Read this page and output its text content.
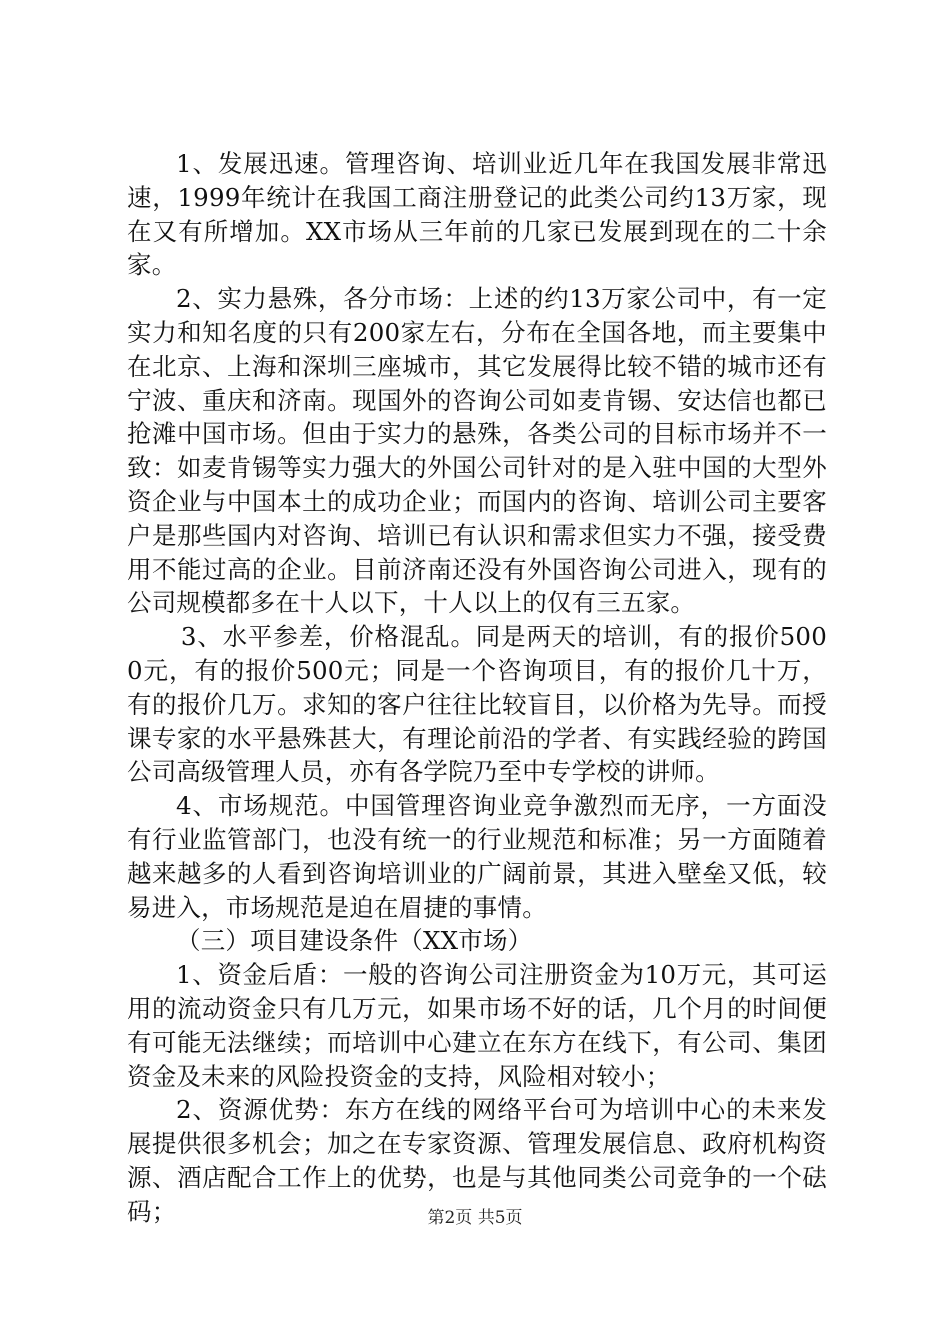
1、发展迅速。管理咨询、培训业近几年在我国发展非常迅速，1999年统计在我国工商注册登记的此类公司约13万家，现在又有所增加。XX市场从三年前的几家已发展到现在的二十余家。

2、实力悬殊，各分市场：上述的约13万家公司中，有一定实力和知名度的只有200家左右，分布在全国各地，而主要集中在北京、上海和深圳三座城市，其它发展得比较不错的城市还有宁波、重庆和济南。现国外的咨询公司如麦肯锡、安达信也都已抢滩中国市场。但由于实力的悬殊，各类公司的目标市场并不一致：如麦肯锡等实力强大的外国公司针对的是入驻中国的大型外资企业与中国本土的成功企业；而国内的咨询、培训公司主要客户是那些国内对咨询、培训已有认识和需求但实力不强，接受费用不能过高的企业。目前济南还没有外国咨询公司进入，现有的公司规模都多在十人以下，十人以上的仅有三五家。

3、水平参差，价格混乱。同是两天的培训，有的报价5000元，有的报价500元；同是一个咨询项目，有的报价几十万，有的报价几万。求知的客户往往比较盲目，以价格为先导。而授课专家的水平悬殊甚大，有理论前沿的学者、有实践经验的跨国公司高级管理人员，亦有各学院乃至中专学校的讲师。

4、市场规范。中国管理咨询业竞争激烈而无序，一方面没有行业监管部门，也没有统一的行业规范和标准；另一方面随着越来越多的人看到咨询培训业的广阔前景，其进入壁垒又低，较易进入，市场规范是迫在眉捷的事情。

（三）项目建设条件（XX市场）

1、资金后盾：一般的咨询公司注册资金为10万元，其可运用的流动资金只有几万元，如果市场不好的话，几个月的时间便有可能无法继续；而培训中心建立在东方在线下，有公司、集团资金及未来的风险投资金的支持，风险相对较小；

2、资源优势：东方在线的网络平台可为培训中心的未来发展提供很多机会；加之在专家资源、管理发展信息、政府机构资源、酒店配合工作上的优势，也是与其他同类公司竞争的一个砝码；	第2页 共5页
